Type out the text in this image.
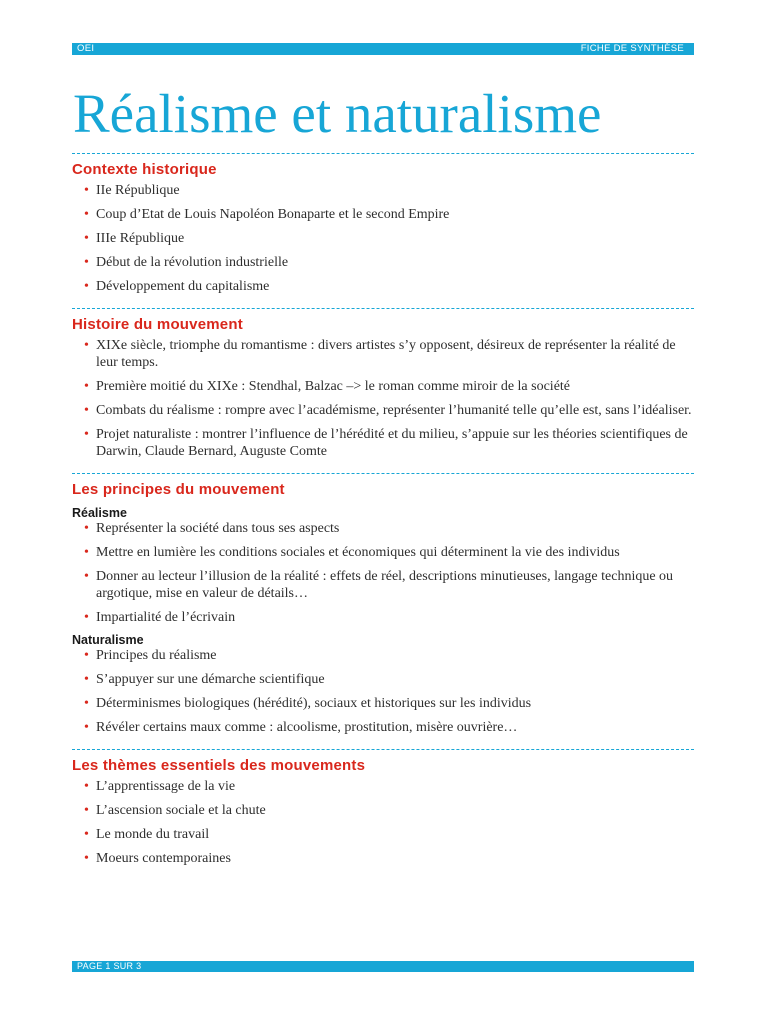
OEI	FICHE DE SYNTHÈSE
Réalisme et naturalisme
Contexte historique
• IIe République
• Coup d’Etat de Louis Napoléon Bonaparte et le second Empire
• IIIe République
• Début de la révolution industrielle
• Développement du capitalisme
Histoire du mouvement
• XIXe siècle, triomphe du romantisme : divers artistes s’y opposent, désireux de représenter la réalité de leur temps.
• Première moitié du XIXe : Stendhal, Balzac –> le roman comme miroir de la société
• Combats du réalisme : rompre avec l’académisme, représenter l’humanité telle qu’elle est, sans l’idéaliser.
• Projet naturaliste : montrer l’influence de l’hérédité et du milieu, s’appuie sur les théories scientifiques de Darwin, Claude Bernard, Auguste Comte
Les principes du mouvement
Réalisme
• Représenter la société dans tous ses aspects
• Mettre en lumière les conditions sociales et économiques qui déterminent la vie des individus
• Donner au lecteur l’illusion de la réalité : effets de réel, descriptions minutieuses, langage technique ou argotique, mise en valeur de détails…
• Impartialité de l’écrivain
Naturalisme
• Principes du réalisme
• S’appuyer sur une démarche scientifique
• Déterminismes biologiques (hérédité), sociaux et historiques sur les individus
• Révéler certains maux comme : alcoolisme, prostitution, misère ouvrière…
Les thèmes essentiels des mouvements
• L’apprentissage de la vie
• L’ascension sociale et la chute
• Le monde du travail
• Moeurs contemporaines
PAGE 1 SUR 3
